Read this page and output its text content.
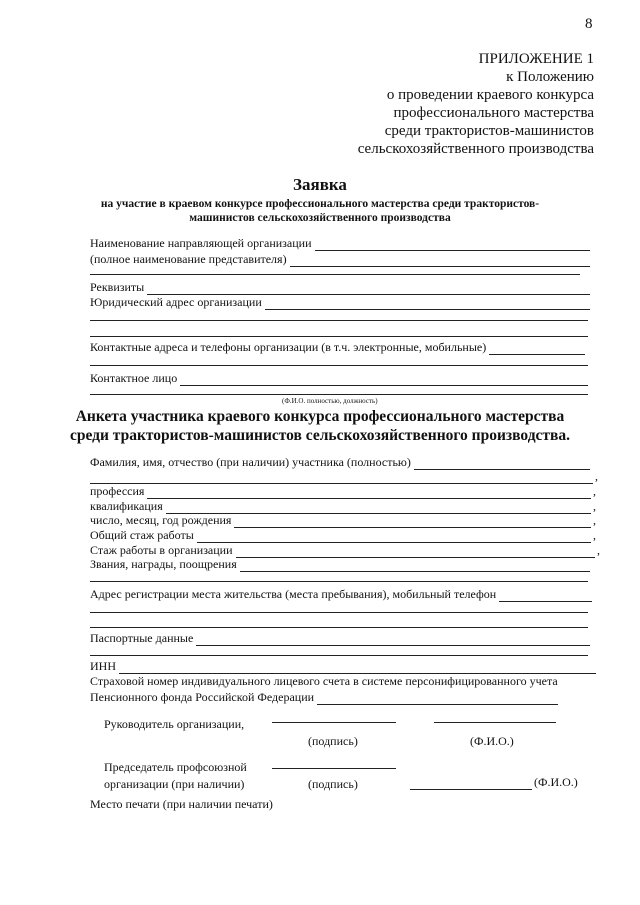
8
ПРИЛОЖЕНИЕ 1
к Положению
о проведении краевого конкурса
профессионального мастерства
среди трактористов-машинистов
сельскохозяйственного производства
Заявка
на участие в краевом конкурсе профессионального мастерства среди трактористов-
машинистов сельскохозяйственного производства
Наименование направляющей организации
(полное наименование представителя)
Реквизиты
Юридический адрес организации
Контактные адреса и телефоны организации (в т.ч. электронные, мобильные)
Контактное лицо
(Ф.И.О. полностью, должность)
Анкета участника краевого конкурса профессионального мастерства
среди трактористов-машинистов сельскохозяйственного производства.
Фамилия, имя, отчество (при наличии) участника (полностью)
,
профессия	,
квалификация	,
число, месяц, год рождения	,
Общий стаж работы	,
Стаж работы в организации	,
Звания, награды, поощрения
Адрес регистрации места жительства (места пребывания), мобильный телефон
Паспортные данные
ИНН
Страховой номер индивидуального лицевого счета в системе персонифицированного учета
Пенсионного фонда Российской Федерации
Руководитель организации,
(подпись)	(Ф.И.О.)
Председатель профсоюзной
организации (при наличии)	(подпись)	(Ф.И.О.)
Место печати (при наличии печати)
